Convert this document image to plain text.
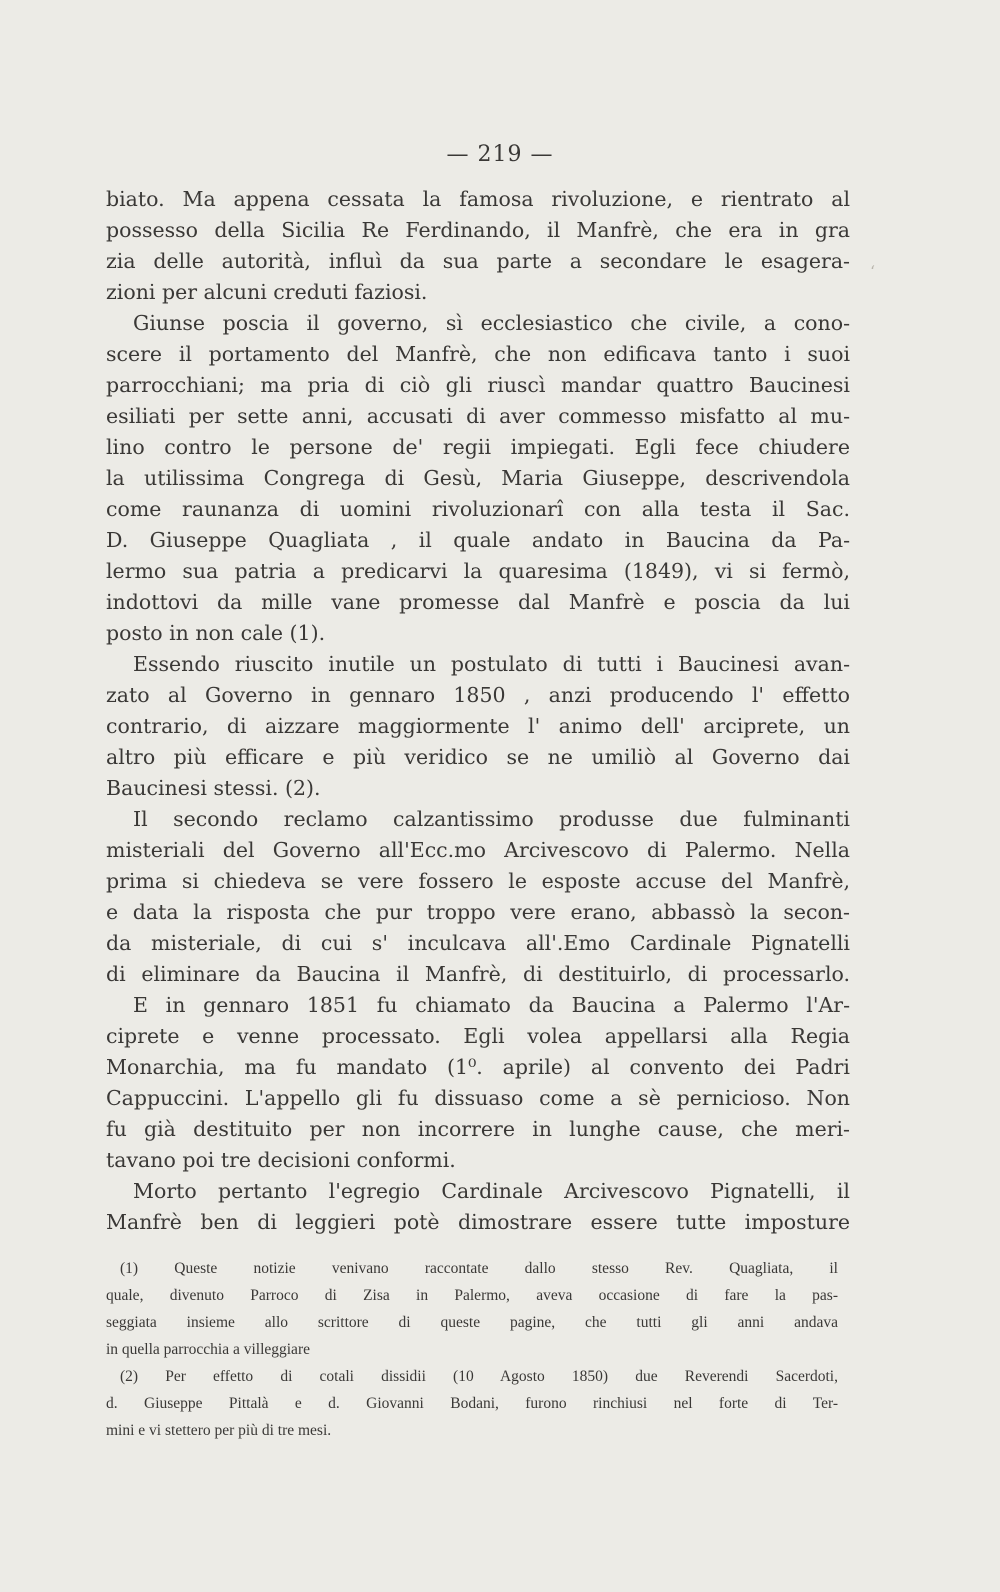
— 219 —
ʻ
biato. Ma appena cessata la famosa rivoluzione, e rientrato al
possesso della Sicilia Re Ferdinando, il Manfrè, che era in gra
zia delle autorità, influì da sua parte a secondare le esagera-
zioni per alcuni creduti faziosi.
Giunse poscia il governo, sì ecclesiastico che civile, a cono-
scere il portamento del Manfrè, che non edificava tanto i suoi
parrocchiani; ma pria di ciò gli riuscì mandar quattro Baucinesi
esiliati per sette anni, accusati di aver commesso misfatto al mu-
lino contro le persone de' regii impiegati. Egli fece chiudere
la utilissima Congrega di Gesù, Maria Giuseppe, descrivendola
come raunanza di uomini rivoluzionarî con alla testa il Sac.
D. Giuseppe Quagliata , il quale andato in Baucina da Pa-
lermo sua patria a predicarvi la quaresima (1849), vi si fermò,
indottovi da mille vane promesse dal Manfrè e poscia da lui
posto in non cale (1).
Essendo riuscito inutile un postulato di tutti i Baucinesi avan-
zato al Governo in gennaro 1850 , anzi producendo l' effetto
contrario, di aizzare maggiormente l' animo dell' arciprete, un
altro più efficare e più veridico se ne umiliò al Governo dai
Baucinesi stessi. (2).
Il secondo reclamo calzantissimo produsse due fulminanti
misteriali del Governo all'Ecc.mo Arcivescovo di Palermo. Nella
prima si chiedeva se vere fossero le esposte accuse del Manfrè,
e data la risposta che pur troppo vere erano, abbassò la secon-
da misteriale, di cui s' inculcava all'.Emo Cardinale Pignatelli
di eliminare da Baucina il Manfrè, di destituirlo, di processarlo.
E in gennaro 1851 fu chiamato da Baucina a Palermo l'Ar-
ciprete e venne processato. Egli volea appellarsi alla Regia
Monarchia, ma fu mandato (1⁰. aprile) al convento dei Padri
Cappuccini. L'appello gli fu dissuaso come a sè pernicioso. Non
fu già destituito per non incorrere in lunghe cause, che meri-
tavano poi tre decisioni conformi.
Morto pertanto l'egregio Cardinale Arcivescovo Pignatelli, il
Manfrè ben di leggieri potè dimostrare essere tutte imposture
(1) Queste notizie venivano raccontate dallo stesso Rev. Quagliata, il
quale, divenuto Parroco di Zisa in Palermo, aveva occasione di fare la pas-
seggiata insieme allo scrittore di queste pagine, che tutti gli anni andava
in quella parrocchia a villeggiare
(2) Per effetto di cotali dissidii (10 Agosto 1850) due Reverendi Sacerdoti,
d. Giuseppe Pittalà e d. Giovanni Bodani, furono rinchiusi nel forte di Ter-
mini e vi stettero per più di tre mesi.
